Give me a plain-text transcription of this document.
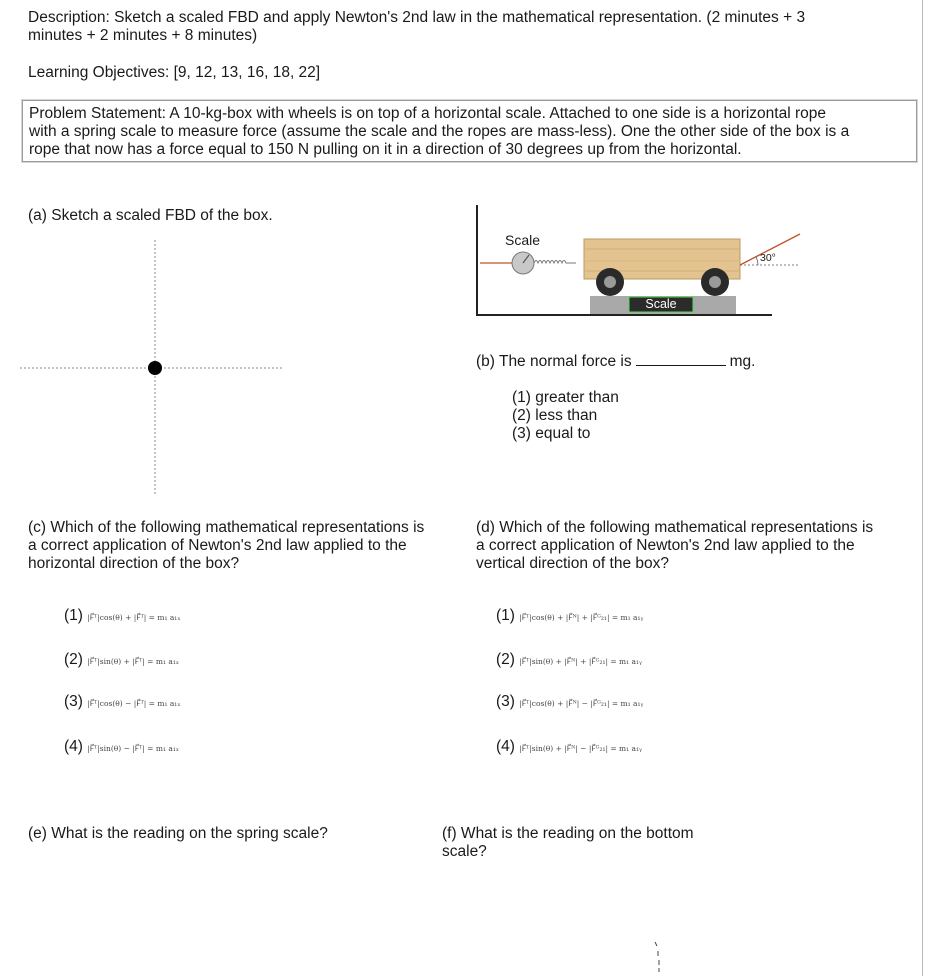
Description: Sketch a scaled FBD and apply Newton's 2nd law in the mathematical representation. (2 minutes + 3
minutes + 2 minutes + 8 minutes)
Learning Objectives: [9, 12, 13, 16, 18, 22]
Problem Statement: A 10-kg-box with wheels is on top of a horizontal scale. Attached to one side is a horizontal rope
with a spring scale to measure force (assume the scale and the ropes are mass-less). One the other side of the box is a
rope that now has a force equal to 150 N pulling on it in a direction of 30 degrees up from the horizontal.
(a) Sketch a scaled FBD of the box.
Scale
Scale
30°
(b) The normal force is	mg.
(1) greater than
(2) less than
(3) equal to
(c) Which of the following mathematical representations is
a correct application of Newton's 2nd law applied to the
horizontal direction of the box?
(1) |F⃗ᵀ|cos(θ) + |F⃗ᵀ| = m₁ a₁ₓ
(2) |F⃗ᵀ|sin(θ) + |F⃗ᵀ| = m₁ a₁ₓ
(3) |F⃗ᵀ|cos(θ) − |F⃗ᵀ| = m₁ a₁ₓ
(4) |F⃗ᵀ|sin(θ) − |F⃗ᵀ| = m₁ a₁ₓ
(d) Which of the following mathematical representations is
a correct application of Newton's 2nd law applied to the
vertical direction of the box?
(1) |F⃗ᵀ|cos(θ) + |F⃗ᴺ| + |F⃗ᴳ₂₁| = m₁ a₁ᵧ
(2) |F⃗ᵀ|sin(θ) + |F⃗ᴺ| + |F⃗ᴳ₂₁| = m₁ a₁ᵧ
(3) |F⃗ᵀ|cos(θ) + |F⃗ᴺ| − |F⃗ᴳ₂₁| = m₁ a₁ᵧ
(4) |F⃗ᵀ|sin(θ) + |F⃗ᴺ| − |F⃗ᴳ₂₁| = m₁ a₁ᵧ
(e) What is the reading on the spring scale?	(f) What is the reading on the bottom
scale?
